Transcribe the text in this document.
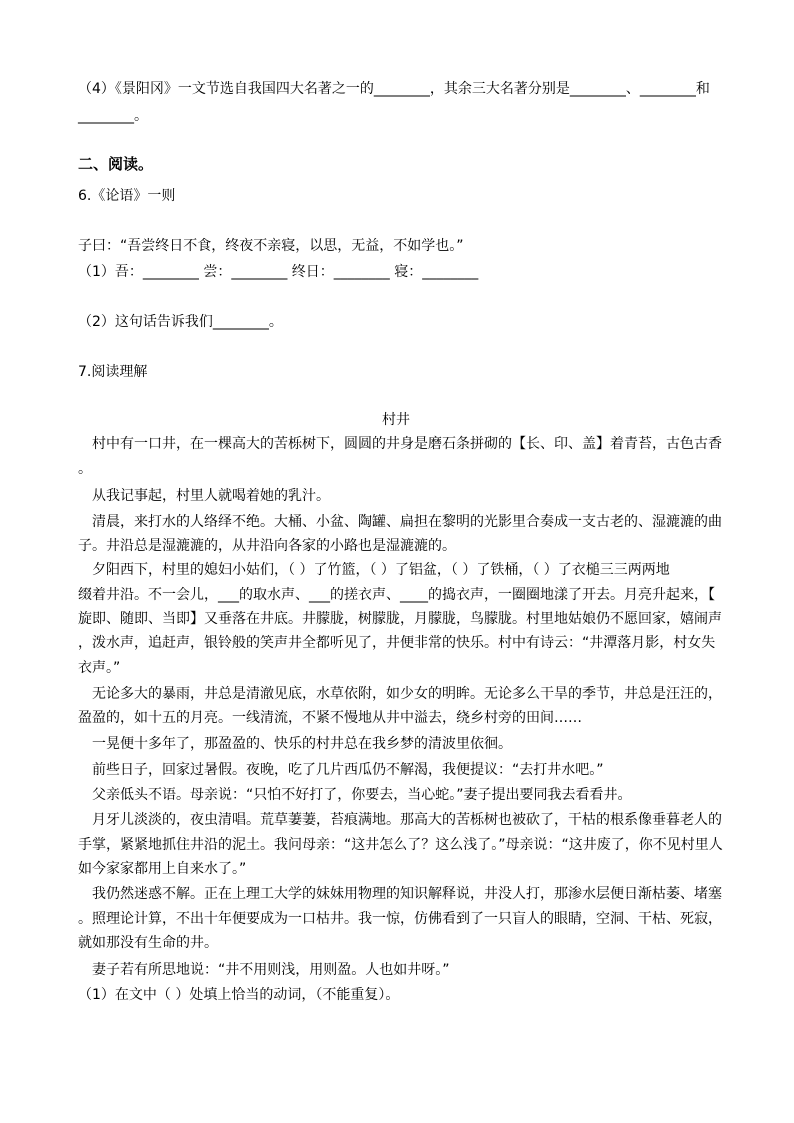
（4）《景阳冈》一文节选自我国四大名著之一的________，其余三大名著分别是________、________和

________。

二、阅读。

6.《论语》一则

子曰：“吾尝终日不食，终夜不亲寝，以思，无益，不如学也。”

（1）吾：________ 尝：________ 终日：________ 寝：________

（2）这句话告诉我们________。

7.阅读理解

村井

村中有一口井，在一棵高大的苦栎树下，圆圆的井身是磨石条拼砌的【长、印、盖】着青苔，古色古香

。

从我记事起，村里人就喝着她的乳汁。

清晨，来打水的人络绎不绝。大桶、小盆、陶罐、扁担在黎明的光影里合奏成一支古老的、湿漉漉的曲

子。井沿总是湿漉漉的，从井沿向各家的小路也是湿漉漉的。

夕阳西下，村里的媳妇小姑们，（ ）了竹篮，（ ）了铝盆，（ ）了铁桶，（ ）了衣槌三三两两地

缀着井沿。不一会儿，___的取水声、___的搓衣声、____的捣衣声，一圈圈地漾了开去。月亮升起来，【

旋即、随即、当即】又垂落在井底。井朦胧，树朦胧，月朦胧，鸟朦胧。村里地姑娘仍不愿回家，嬉闹声

，泼水声，追赶声，银铃般的笑声井全都听见了，井便非常的快乐。村中有诗云：“井潭落月影，村女失

衣声。”

无论多大的暴雨，井总是清澈见底，水草依附，如少女的明眸。无论多么干旱的季节，井总是汪汪的，

盈盈的，如十五的月亮。一线清流，不紧不慢地从井中溢去，绕乡村旁的田间……

一晃便十多年了，那盈盈的、快乐的村井总在我乡梦的清波里依徊。

前些日子，回家过暑假。夜晚，吃了几片西瓜仍不解渴，我便提议：“去打井水吧。”

父亲低头不语。母亲说：“只怕不好打了，你要去，当心蛇。”妻子提出要同我去看看井。

月牙儿淡淡的，夜虫清唱。荒草萋萋，苔痕满地。那高大的苦栎树也被砍了，干枯的根系像垂暮老人的

手掌，紧紧地抓住井沿的泥土。我问母亲：“这井怎么了？这么浅了。”母亲说：“这井废了，你不见村里人

如今家家都用上自来水了。”

我仍然迷惑不解。正在上理工大学的妹妹用物理的知识解释说，井没人打，那渗水层便日渐枯萎、堵塞

。照理论计算，不出十年便要成为一口枯井。我一惊，仿佛看到了一只盲人的眼睛，空洞、干枯、死寂，

就如那没有生命的井。

妻子若有所思地说：“井不用则浅，用则盈。人也如井呀。”

（1）在文中（ ）处填上恰当的动词，（不能重复）。
